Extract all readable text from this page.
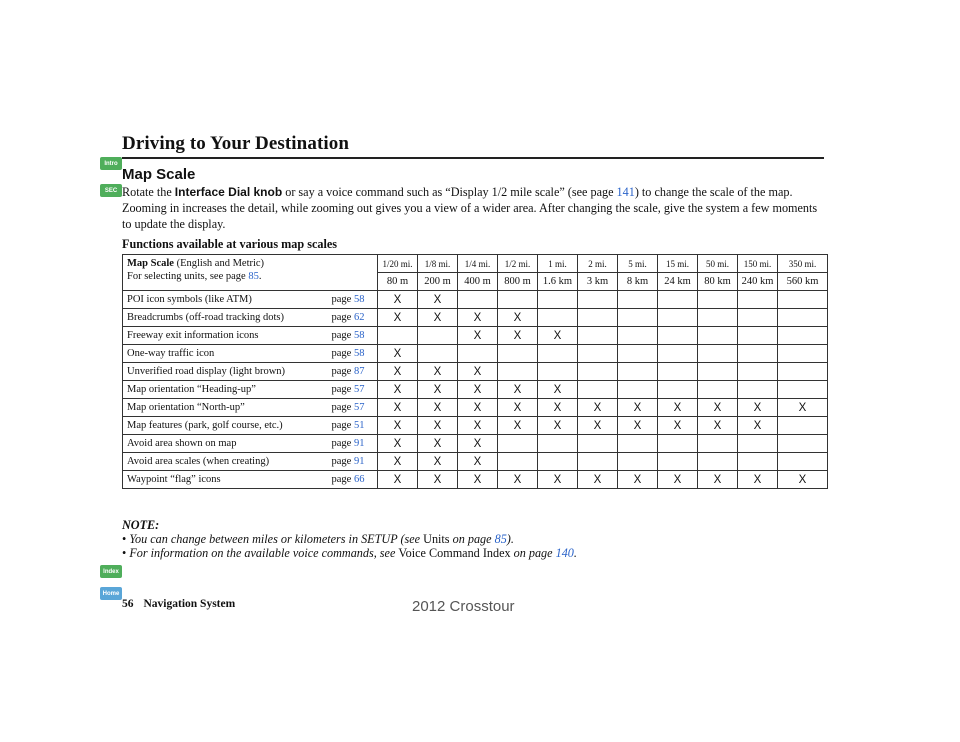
Driving to Your Destination
Intro
SEC
Index
Home
Map Scale
Rotate the Interface Dial knob or say a voice command such as “Display 1/2 mile scale” (see page 141) to change the scale of the map. Zooming in increases the detail, while zooming out gives you a view of a wider area. After changing the scale, give the system a few moments to update the display.
Functions available at various map scales
Map Scale (English and Metric)
For selecting units, see page 85.		1/20 mi.	1/8 mi.	1/4 mi.	1/2 mi.	1 mi.	2 mi.	5 mi.	15 mi.	50 mi.	150 mi.	350 mi.
		80 m	200 m	400 m	800 m	1.6 km	3 km	8 km	24 km	80 km	240 km	560 km
POI icon symbols (like ATM)	page 58	X	X									
Breadcrumbs (off-road tracking dots)	page 62	X	X	X	X							
Freeway exit information icons	page 58			X	X	X						
One-way traffic icon	page 58	X										
Unverified road display (light brown)	page 87	X	X	X								
Map orientation “Heading-up”	page 57	X	X	X	X	X						
Map orientation “North-up”	page 57	X	X	X	X	X	X	X	X	X	X	X
Map features (park, golf course, etc.)	page 51	X	X	X	X	X	X	X	X	X	X	
Avoid area shown on map	page 91	X	X	X								
Avoid area scales (when creating)	page 91	X	X	X								
Waypoint “flag” icons	page 66	X	X	X	X	X	X	X	X	X	X	X
NOTE:
• You can change between miles or kilometers in SETUP (see Units on page 85).
• For information on the available voice commands, see Voice Command Index on page 140.
56 Navigation System	2012 Crosstour
